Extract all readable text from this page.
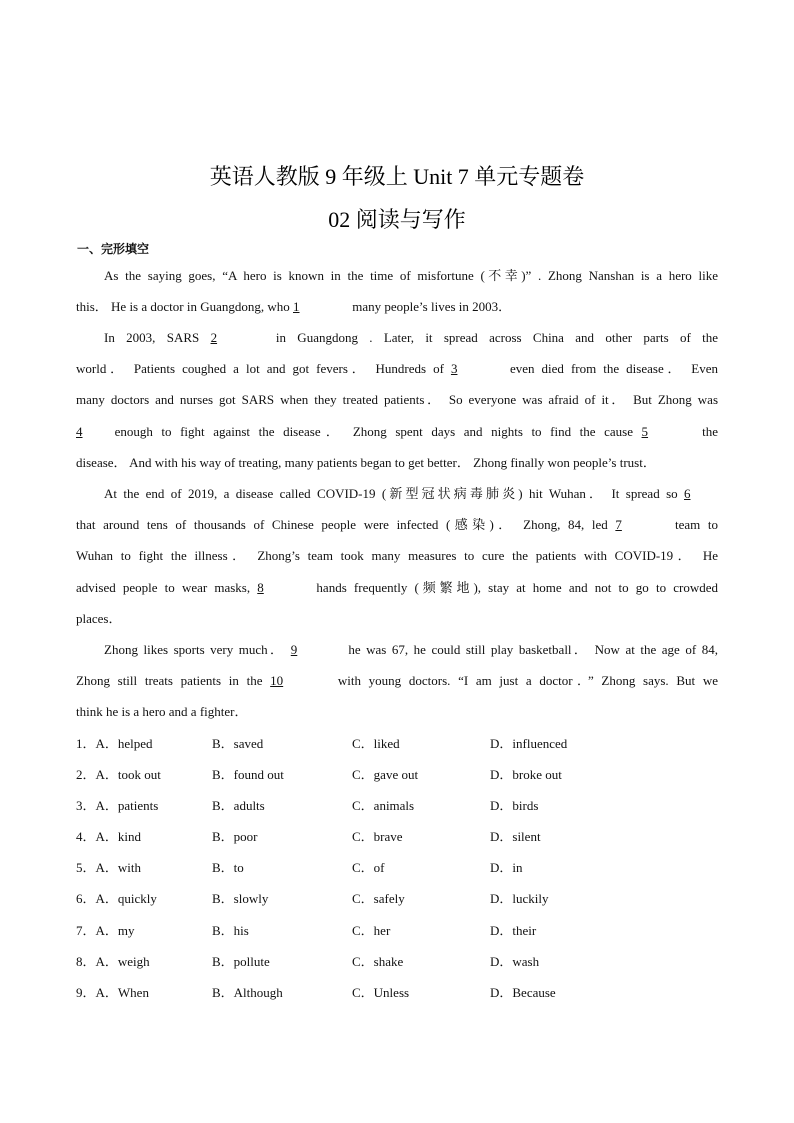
英语人教版 9 年级上 Unit 7 单元专题卷
02 阅读与写作
一、完形填空
As the saying goes, “A hero is known in the time of misfortune (不幸)” . Zhong Nanshan is a hero like
this． He is a doctor in Guangdong, who 1	many people’s lives in 2003．
In 2003, SARS 2	in Guangdong . Later, it spread across China and other parts of the
world． Patients coughed a lot and got fevers． Hundreds of 3	even died from the disease． Even
many doctors and nurses got SARS when they treated patients． So everyone was afraid of it． But Zhong was
4 enough to fight against the disease． Zhong spent days and nights to find the cause 5	the
disease． And with his way of treating, many patients began to get better． Zhong finally won people’s trust．
At the end of 2019, a disease called COVID-19 (新型冠状病毒肺炎) hit Wuhan． It spread so 6
that around tens of thousands of Chinese people were infected (感染)． Zhong, 84, led 7	team to
Wuhan to fight the illness． Zhong’s team took many measures to cure the patients with COVID-19． He
advised people to wear masks, 8	hands frequently (频繁地), stay at home and not to go to crowded
places．
Zhong likes sports very much． 9	he was 67, he could still play basketball． Now at the age of 84,
Zhong still treats patients in the 10	with young doctors. “I am just a doctor．” Zhong says. But we
think he is a hero and a fighter．
1．A．helped	B．saved	C．liked	D．influenced
2．A．took out	B．found out	C．gave out	D．broke out
3．A．patients	B．adults	C．animals	D．birds
4．A．kind	B．poor	C．brave	D．silent
5．A．with	B．to	C．of	D．in
6．A．quickly	B．slowly	C．safely	D．luckily
7．A．my	B．his	C．her	D．their
8．A．weigh	B．pollute	C．shake	D．wash
9．A．When	B．Although	C．Unless	D．Because
